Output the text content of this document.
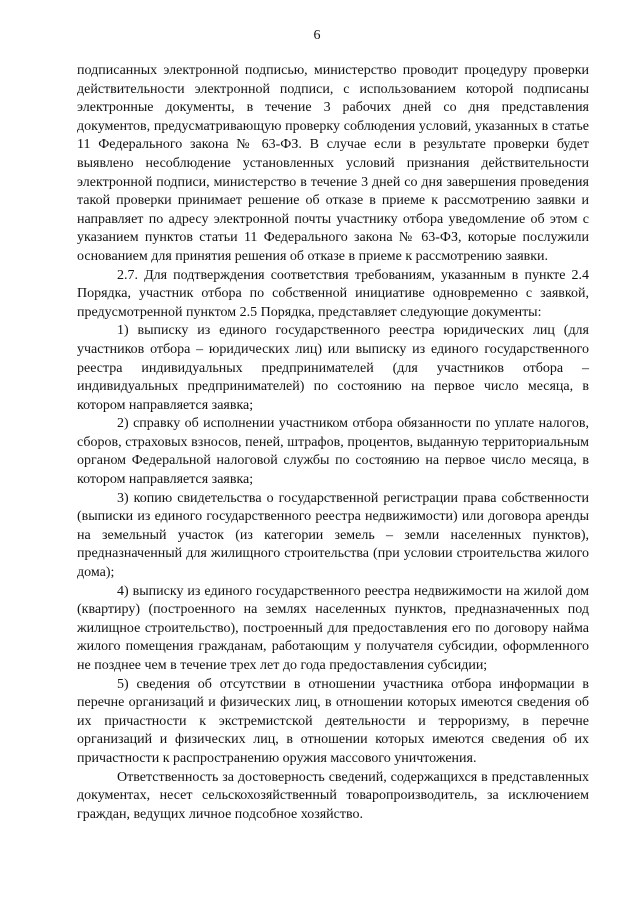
6

подписанных электронной подписью, министерство проводит процедуру проверки действительности электронной подписи, с использованием которой подписаны электронные документы, в течение 3 рабочих дней со дня представления документов, предусматривающую проверку соблюдения условий, указанных в статье 11 Федерального закона № 63-ФЗ. В случае если в результате проверки будет выявлено несоблюдение установленных условий признания действительности электронной подписи, министерство в течение 3 дней со дня завершения проведения такой проверки принимает решение об отказе в приеме к рассмотрению заявки и направляет по адресу электронной почты участнику отбора уведомление об этом с указанием пунктов статьи 11 Федерального закона № 63-ФЗ, которые послужили основанием для принятия решения об отказе в приеме к рассмотрению заявки.

2.7. Для подтверждения соответствия требованиям, указанным в пункте 2.4 Порядка, участник отбора по собственной инициативе одновременно с заявкой, предусмотренной пунктом 2.5 Порядка, представляет следующие документы:

1) выписку из единого государственного реестра юридических лиц (для участников отбора – юридических лиц) или выписку из единого государственного реестра индивидуальных предпринимателей (для участников отбора – индивидуальных предпринимателей) по состоянию на первое число месяца, в котором направляется заявка;

2) справку об исполнении участником отбора обязанности по уплате налогов, сборов, страховых взносов, пеней, штрафов, процентов, выданную территориальным органом Федеральной налоговой службы по состоянию на первое число месяца, в котором направляется заявка;

3) копию свидетельства о государственной регистрации права собственности (выписки из единого государственного реестра недвижимости) или договора аренды на земельный участок (из категории земель – земли населенных пунктов), предназначенный для жилищного строительства (при условии строительства жилого дома);

4) выписку из единого государственного реестра недвижимости на жилой дом (квартиру) (построенного на землях населенных пунктов, предназначенных под жилищное строительство), построенный для предоставления его по договору найма жилого помещения гражданам, работающим у получателя субсидии, оформленного не позднее чем в течение трех лет до года предоставления субсидии;

5) сведения об отсутствии в отношении участника отбора информации в перечне организаций и физических лиц, в отношении которых имеются сведения об их причастности к экстремистской деятельности и терроризму, в перечне организаций и физических лиц, в отношении которых имеются сведения об их причастности к распространению оружия массового уничтожения.

Ответственность за достоверность сведений, содержащихся в представленных документах, несет сельскохозяйственный товаропроизводитель, за исключением граждан, ведущих личное подсобное хозяйство.
